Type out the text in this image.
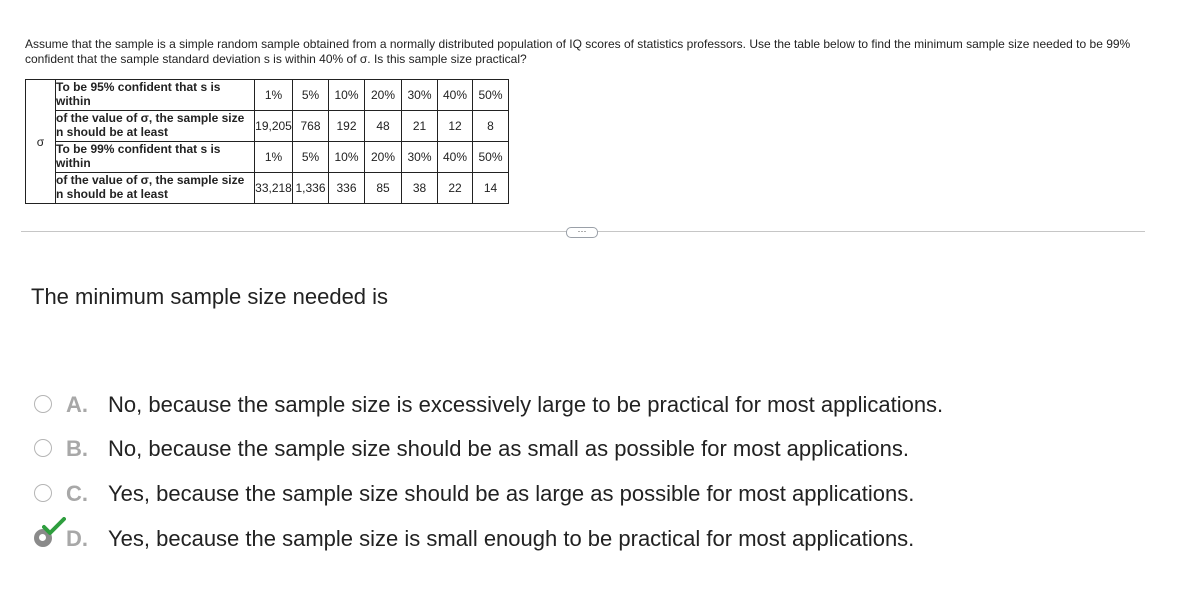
Assume that the sample is a simple random sample obtained from a normally distributed population of IQ scores of statistics professors. Use the table below to find the minimum sample size needed to be 99% confident that the sample standard deviation s is within 40% of σ. Is this sample size practical?

σ	To be 95% confident that s is within	1%	5%	10%	20%	30%	40%	50%
	of the value of σ, the sample size n should be at least	19,205	768	192	48	21	12	8
	To be 99% confident that s is within	1%	5%	10%	20%	30%	40%	50%
	of the value of σ, the sample size n should be at least	33,218	1,336	336	85	38	22	14
···

The minimum sample size needed is

A. No, because the sample size is excessively large to be practical for most applications.
B. No, because the sample size should be as small as possible for most applications.
C. Yes, because the sample size should be as large as possible for most applications.
D. Yes, because the sample size is small enough to be practical for most applications.
